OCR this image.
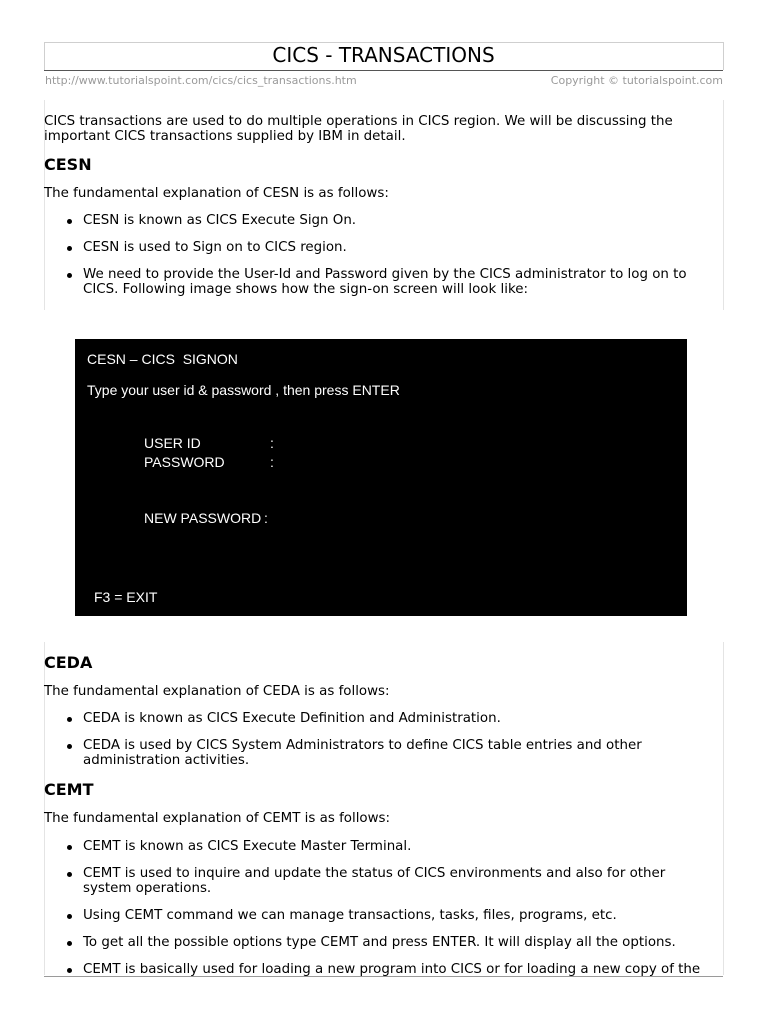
CICS - TRANSACTIONS
http://www.tutorialspoint.com/cics/cics_transactions.htm	Copyright © tutorialspoint.com
CICS transactions are used to do multiple operations in CICS region. We will be discussing the important CICS transactions supplied by IBM in detail.
CESN
The fundamental explanation of CESN is as follows:
CESN is known as CICS Execute Sign On.
CESN is used to Sign on to CICS region.
We need to provide the User-Id and Password given by the CICS administrator to log on to CICS. Following image shows how the sign-on screen will look like:
CESN – CICS  SIGNON
Type your user id & password , then press ENTER
USER ID	:
PASSWORD	:
NEW PASSWORD :
F3 = EXIT
CEDA
The fundamental explanation of CEDA is as follows:
CEDA is known as CICS Execute Definition and Administration.
CEDA is used by CICS System Administrators to define CICS table entries and other administration activities.
CEMT
The fundamental explanation of CEMT is as follows:
CEMT is known as CICS Execute Master Terminal.
CEMT is used to inquire and update the status of CICS environments and also for other system operations.
Using CEMT command we can manage transactions, tasks, files, programs, etc.
To get all the possible options type CEMT and press ENTER. It will display all the options.
CEMT is basically used for loading a new program into CICS or for loading a new copy of the
